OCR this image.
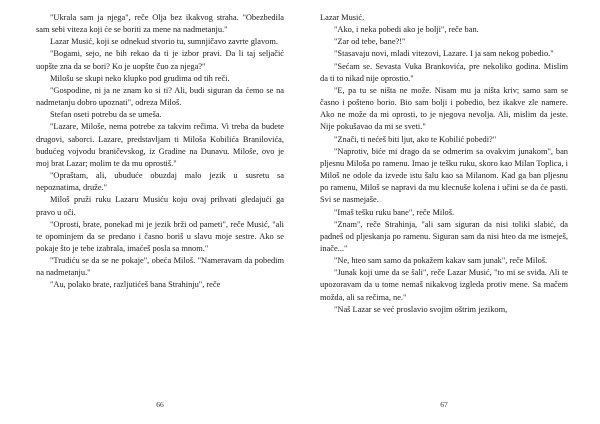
"Ukrala sam ja njega", reče Olja bez ikakvog straha. "Obezbedila sam sebi viteza koji će se boriti za mene na nadmetanju."

Lazar Musić, koji se odnekud stvorio tu, sumnjičavo zavrte glavom.

"Bogami, sejo, ne bih rekao da ti je izbor pravi. Da li taj seljačić uopšte zna da se bori? Ko je uopšte čuo za njega?"

Milošu se skupi neko klupko pod grudima od tih reči.

"Gospodine, ni ja ne znam ko si ti? Ali, budi siguran da ćemo se na nadmetanju dobro upoznati", odreza Miloš.

Stefan oseti potrebu da se umeša.

"Lazare, Miloše, nema potrebe za takvim rečima. Vi treba da budete drugovi, saborci. Lazare, predstavljam ti Miloša Kobilića Branilovića, budućeg vojvodu braničevskog, iz Gradine na Dunavu. Miloše, ovo je moj brat Lazar; molim te da mu oprostiš."

"Opraštam, ali, ubuduće obuzdaj malo jezik u susretu sa nepoznatima, druže."

Miloš pruži ruku Lazaru Musiću koju ovaj prihvati gledajući ga pravo u oči.

"Oprosti, brate, ponekad mi je jezik brži od pameti", reče Musić, "ali te opominjem da se predano i časno boriš u slavu moje sestre. Ako se pokaje što je tebe izabrala, imaćeš posla sa mnom."

"Trudiću se da se ne pokaje", obeća Miloš. "Namеravam da pobedim na nadmetanju."

"Au, polako brate, razlјutićeš bana Strahinju", reče

66

Lazar Musić.

"Ako, i neka pobedi ako je bolji", reče ban.

"Zar od tebe, bane?!"

"Stasavaju novi, mladi vitezovi, Lazare. I ja sam nekog pobedio."

"Sećam se. Sevasta Vuka Brankovića, pre nekoliko godina. Mislim da ti to nikad nije oprostio."

"E, pa tu se ništa ne može. Nisam mu ja ništa kriv; samo sam se časno i pošteno borio. Bio sam bolji i pobedio, bez ikakve zle namere. Ako ne može da mi oprosti, to je njegova nevolja. Ali, mislim da jeste. Nije pokušavao da mi se sveti."

"Znači, ti nećeš biti ljut, ako te Kobilić pobedi?"

"Naprotiv, biće mi drago da se odmerim sa ovakvim junakom", ban pljesnu Miloša po ramenu. Imao je tešku ruku, skoro kao Milan Toplica, i Miloš ne odole da izvede istu šalu kao sa Milanom. Kad ga ban pljesnu po ramenu, Miloš se napravi da mu klecnuše kolena i učini se da će pasti. Svi se nasmejaše.

"Imaš tešku ruku bane", reče Miloš.

"Znam", reče Strahinja, "ali sam siguran da nisi toliki slabić, da padneš od pljeskanja po ramenu. Siguran sam da nisi hteo da me ismeješ, inače..."

"Ne, hteo sam samo da pokažem kakav sam junak", reče Miloš.

"Junak koji ume da se šali", reče Lazar Musić, "to mi se sviđa. Ali te upozoravam da u tome nemaš nikakvog izgleda protiv mene. Sa mačem možda, ali sa rečima, ne."

"Naš Lazar se već proslavio svojim oštrim jezikom,

67
